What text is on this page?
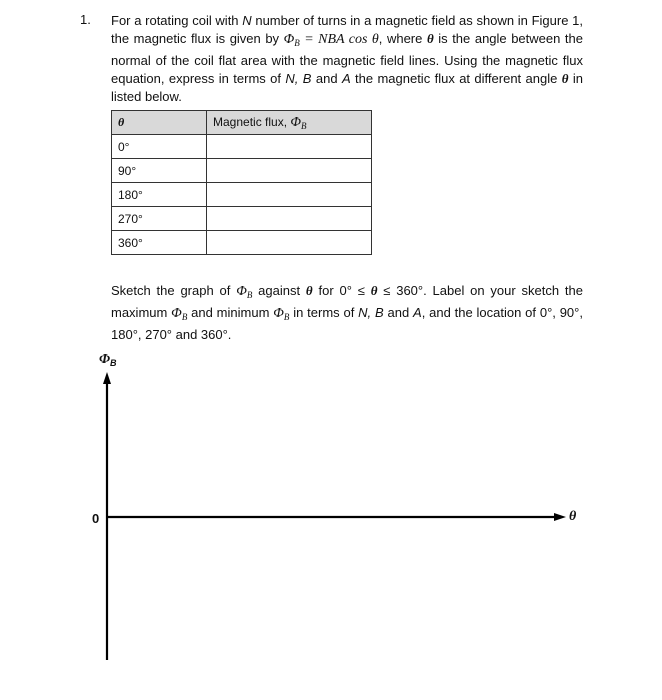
1. For a rotating coil with N number of turns in a magnetic field as shown in Figure 1, the magnetic flux is given by $\Phi_B$ = NBA cos θ, where θ is the angle between the normal of the coil flat area with the magnetic field lines. Using the magnetic flux equation, express in terms of N, B and A the magnetic flux at different angle θ in listed below.

θ	Magnetic flux, $\Phi_B$
0°	
90°	
180°	
270°	
360°	

Sketch the graph of $\Phi_B$ against θ for 0° ≤ θ ≤ 360°. Label on your sketch the maximum $\Phi_B$ and minimum $\Phi_B$ in terms of N, B and A, and the location of 0°, 90°, 180°, 270° and 360°.

$\Phi_B$
0	θ
